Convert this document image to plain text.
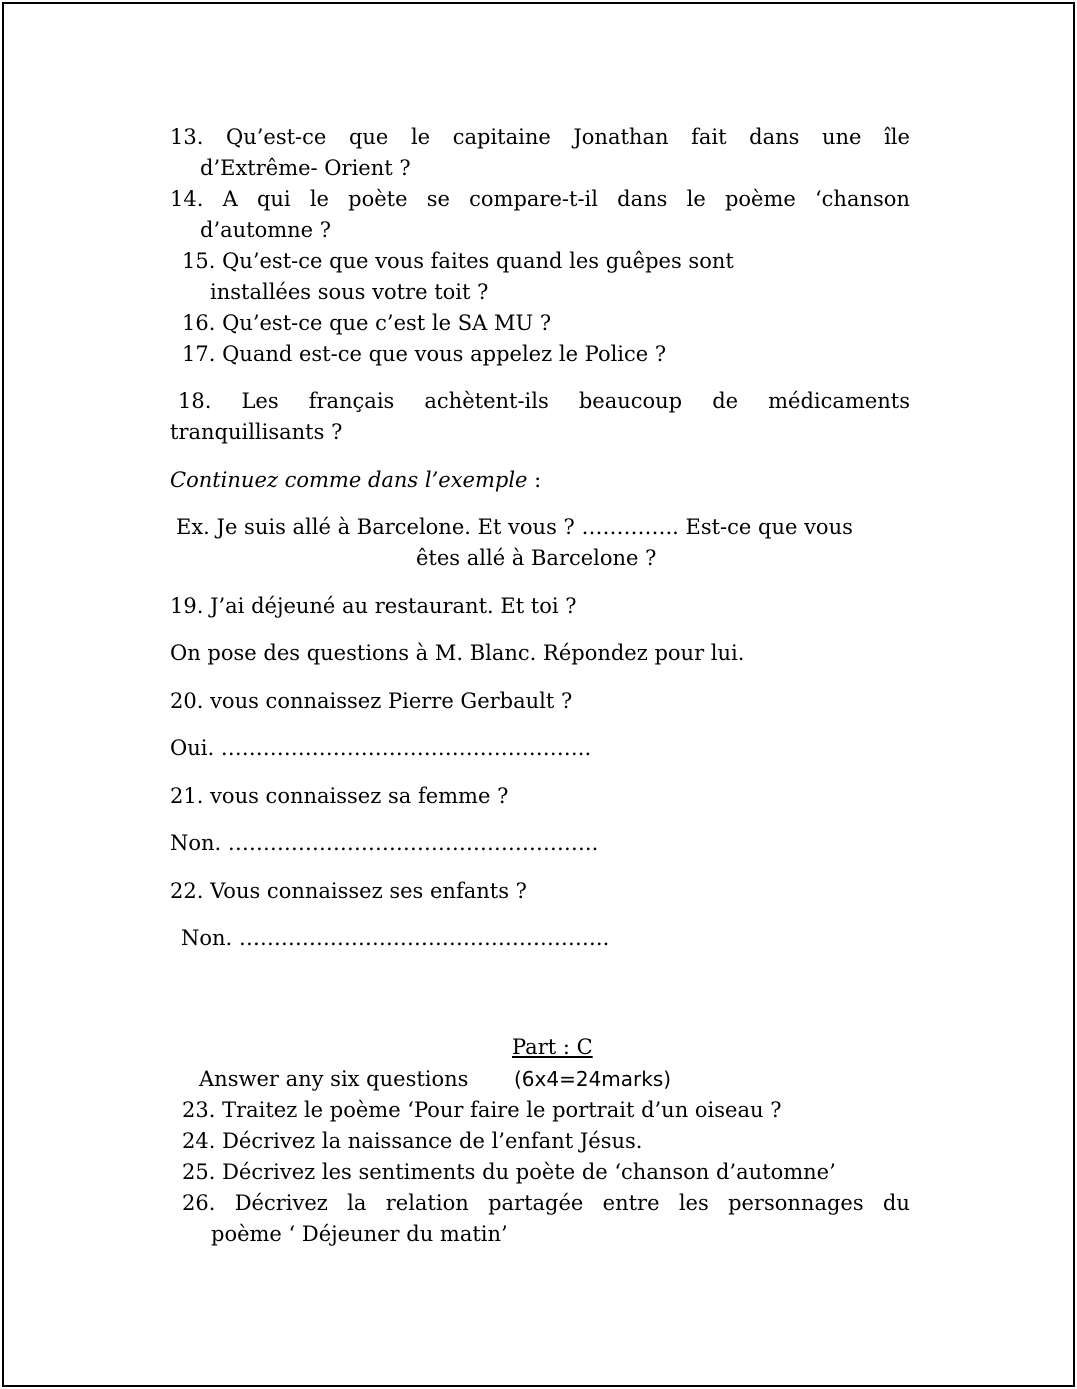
13. Qu’est-ce que le capitaine Jonathan fait dans une île
d’Extrême- Orient ?
14. A qui le poète se compare-t-il dans le poème ‘chanson
d’automne ?
15. Qu’est-ce que vous faites quand les guêpes sont
installées sous votre toit ?
16. Qu’est-ce que c’est le SA MU ?
17. Quand est-ce que vous appelez le Police ?
18. Les français achètent-ils beaucoup de médicaments
tranquillisants ?
Continuez comme dans l’exemple :
Ex. Je suis allé à Barcelone. Et vous ? ………….. Est-ce que vous
êtes allé à Barcelone ?
19. J’ai déjeuné au restaurant. Et toi ?
On pose des questions à M. Blanc. Répondez pour lui.
20. vous connaissez Pierre Gerbault ?
Oui. ……………………………………………..
21. vous connaissez sa femme ?
Non. ……………………………………………..
22. Vous connaissez ses enfants ?
Non. ……………………………………………..
Part : C
Answer any six questions (6x4=24marks)
23. Traitez le poème ‘Pour faire le portrait d’un oiseau ?
24. Décrivez la naissance de l’enfant Jésus.
25. Décrivez les sentiments du poète de ‘chanson d’automne’
26. Décrivez la relation partagée entre les personnages du
poème ‘ Déjeuner du matin’
